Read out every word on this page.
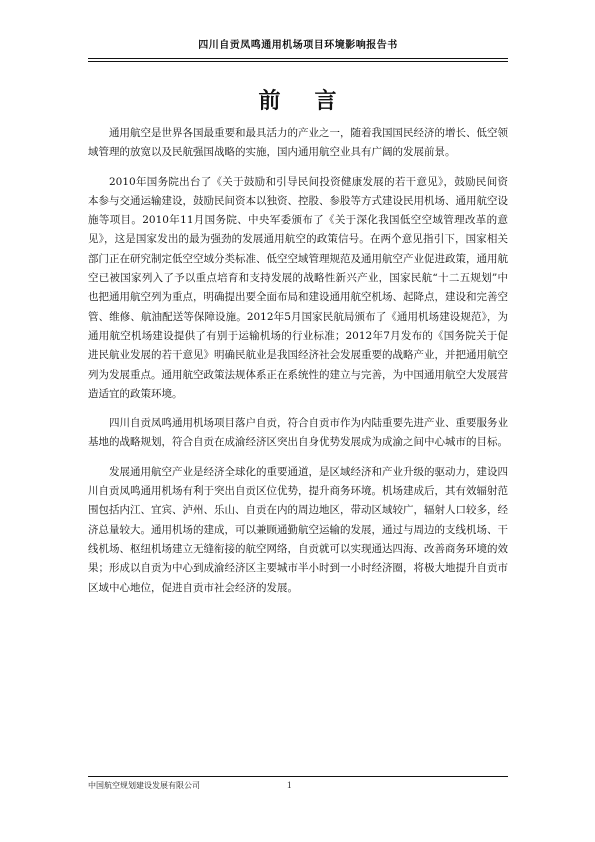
四川自贡凤鸣通用机场项目环境影响报告书
前言

通用航空是世界各国最重要和最具活力的产业之一，随着我国国民经济的增长、低空领域管理的放宽以及民航强国战略的实施，国内通用航空业具有广阔的发展前景。

2010年国务院出台了《关于鼓励和引导民间投资健康发展的若干意见》，鼓励民间资本参与交通运输建设，鼓励民间资本以独资、控股、参股等方式建设民用机场、通用航空设施等项目。2010年11月国务院、中央军委颁布了《关于深化我国低空空域管理改革的意见》，这是国家发出的最为强劲的发展通用航空的政策信号。在两个意见指引下，国家相关部门正在研究制定低空空域分类标准、低空空域管理规范及通用航空产业促进政策，通用航空已被国家列入了予以重点培育和支持发展的战略性新兴产业，国家民航“十二五规划”中也把通用航空列为重点，明确提出要全面布局和建设通用航空机场、起降点，建设和完善空管、维修、航油配送等保障设施。2012年5月国家民航局颁布了《通用机场建设规范》，为通用航空机场建设提供了有别于运输机场的行业标准；2012年7月发布的《国务院关于促进民航业发展的若干意见》明确民航业是我国经济社会发展重要的战略产业，并把通用航空列为发展重点。通用航空政策法规体系正在系统性的建立与完善，为中国通用航空大发展营造适宜的政策环境。

四川自贡凤鸣通用机场项目落户自贡，符合自贡市作为内陆重要先进产业、重要服务业基地的战略规划，符合自贡在成渝经济区突出自身优势发展成为成渝之间中心城市的目标。

发展通用航空产业是经济全球化的重要通道，是区域经济和产业升级的驱动力，建设四川自贡凤鸣通用机场有利于突出自贡区位优势，提升商务环境。机场建成后，其有效辐射范围包括内江、宜宾、泸州、乐山、自贡在内的周边地区，带动区域较广，辐射人口较多，经济总量较大。通用机场的建成，可以兼顾通勤航空运输的发展，通过与周边的支线机场、干线机场、枢纽机场建立无缝衔接的航空网络，自贡就可以实现通达四海、改善商务环境的效果；形成以自贡为中心到成渝经济区主要城市半小时到一小时经济圈，将极大地提升自贡市区域中心地位，促进自贡市社会经济的发展。

中国航空规划建设发展有限公司	1
